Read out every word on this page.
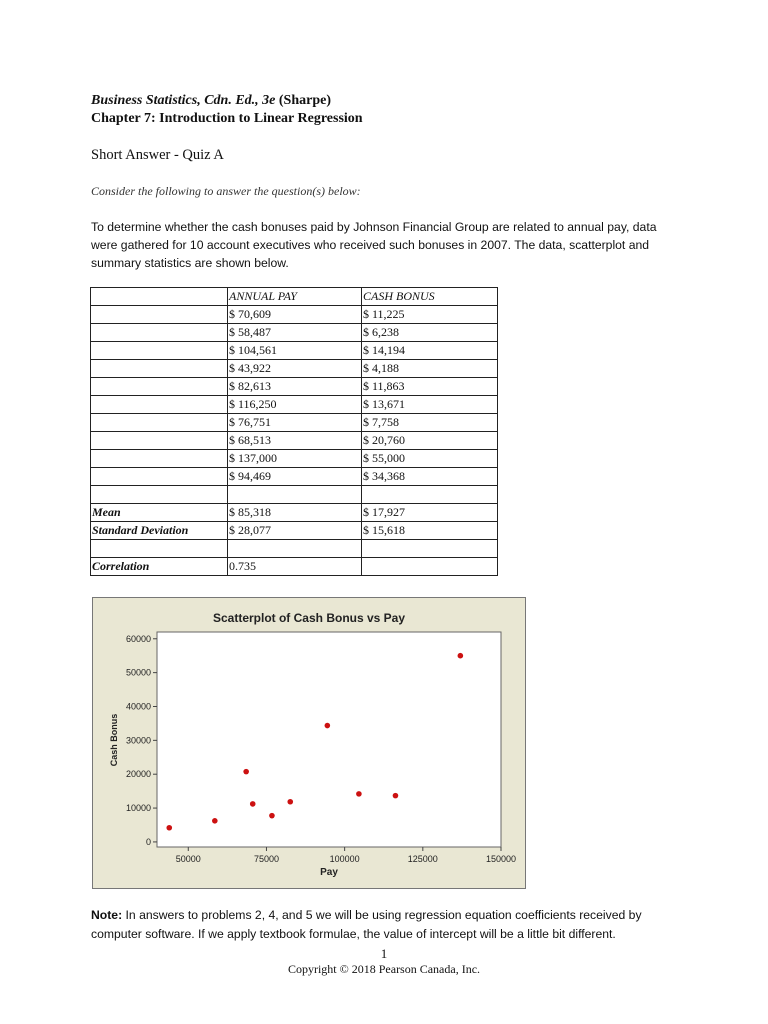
Business Statistics, Cdn. Ed., 3e (Sharpe)
Chapter 7: Introduction to Linear Regression
Short Answer - Quiz A
Consider the following to answer the question(s) below:
To determine whether the cash bonuses paid by Johnson Financial Group are related to annual pay, data
were gathered for 10 account executives who received such bonuses in 2007. The data, scatterplot and
summary statistics are shown below.
	ANNUAL PAY	CASH BONUS
	$ 70,609	$ 11,225
	$ 58,487	$ 6,238
	$ 104,561	$ 14,194
	$ 43,922	$ 4,188
	$ 82,613	$ 11,863
	$ 116,250	$ 13,671
	$ 76,751	$ 7,758
	$ 68,513	$ 20,760
	$ 137,000	$ 55,000
	$ 94,469	$ 34,368

Mean	$ 85,318	$ 17,927
Standard Deviation	$ 28,077	$ 15,618

Correlation	0.735	
Scatterplot of Cash Bonus vs Pay
Pay
Cash Bonus
50000	75000	100000	125000	150000
0
10000
20000
30000
40000
50000
60000
Note: In answers to problems 2, 4, and 5 we will be using regression equation coefficients received by
computer software. If we apply textbook formulae, the value of intercept will be a little bit different.
1
Copyright © 2018 Pearson Canada, Inc.
